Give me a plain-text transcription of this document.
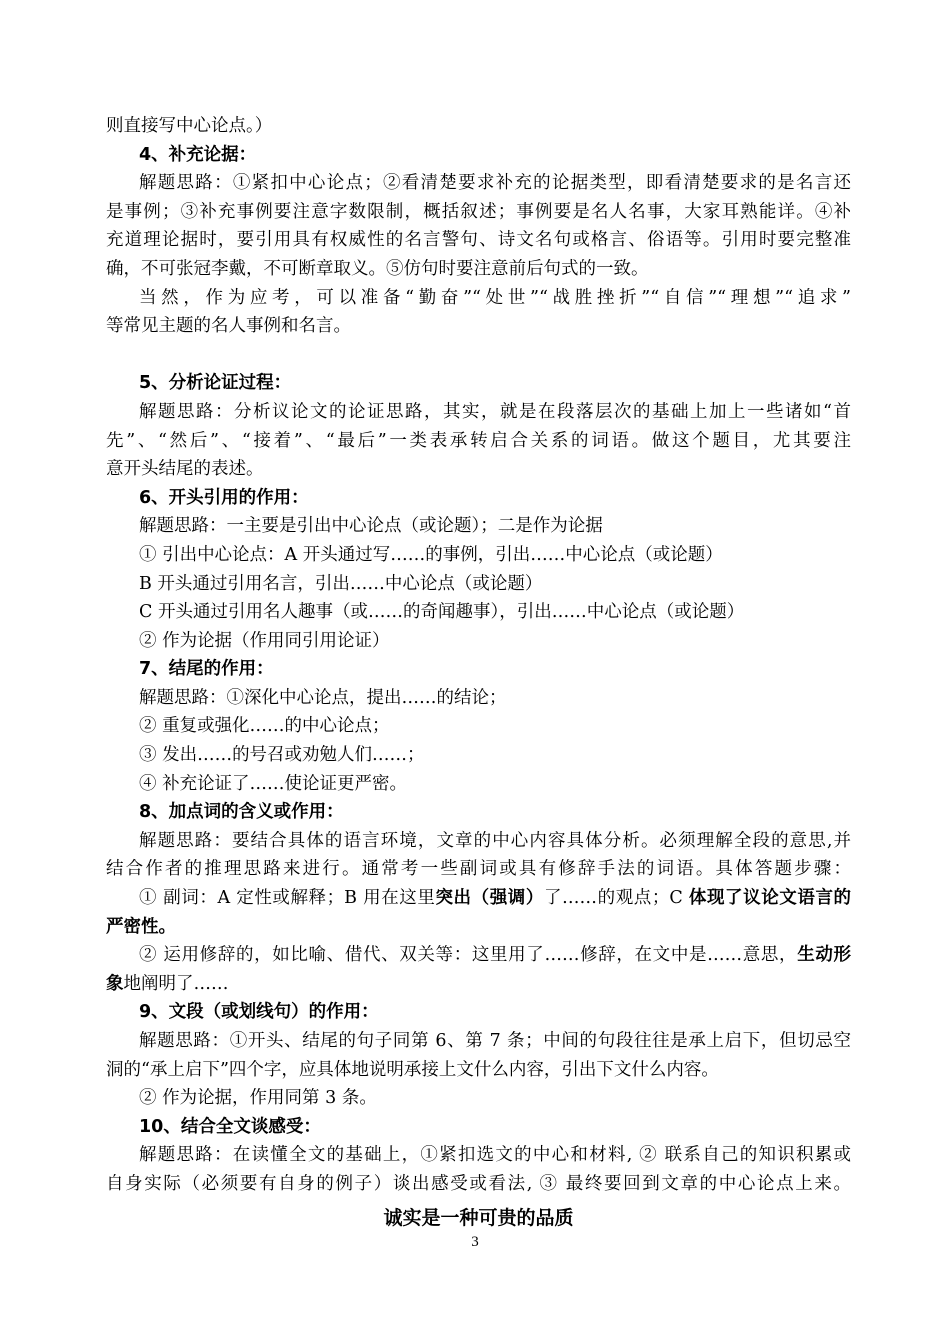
则直接写中心论点。）
4、补充论据：
解题思路：①紧扣中心论点；②看清楚要求补充的论据类型，即看清楚要求的是名言还
是事例；③补充事例要注意字数限制，概括叙述；事例要是名人名事，大家耳熟能详。④补
充道理论据时，要引用具有权威性的名言警句、诗文名句或格言、俗语等。引用时要完整准
确，不可张冠李戴，不可断章取义。⑤仿句时要注意前后句式的一致。
当然，作为应考，可以准备“勤奋”“处世”“战胜挫折”“自信”“理想”“追求”
等常见主题的名人事例和名言。
5、分析论证过程：
解题思路：分析议论文的论证思路，其实，就是在段落层次的基础上加上一些诸如“首
先”、“然后”、“接着”、“最后”一类表承转启合关系的词语。做这个题目，尤其要注
意开头结尾的表述。
6、开头引用的作用：
解题思路：一主要是引出中心论点（或论题）；二是作为论据
① 引出中心论点：A 开头通过写……的事例，引出……中心论点（或论题）
B 开头通过引用名言，引出……中心论点（或论题）
C 开头通过引用名人趣事（或……的奇闻趣事），引出……中心论点（或论题）
② 作为论据（作用同引用论证）
7、结尾的作用：
解题思路：①深化中心论点，提出……的结论；
② 重复或强化……的中心论点；
③ 发出……的号召或劝勉人们……；
④ 补充论证了……使论证更严密。
8、加点词的含义或作用：
解题思路：要结合具体的语言环境，文章的中心内容具体分析。必须理解全段的意思,并
结合作者的推理思路来进行。通常考一些副词或具有修辞手法的词语。具体答题步骤：
① 副词：A 定性或解释；B 用在这里突出（强调）了……的观点；C 体现了议论文语言的
严密性。
② 运用修辞的，如比喻、借代、双关等：这里用了……修辞，在文中是……意思，生动形
象地阐明了……
9、文段（或划线句）的作用：
解题思路：①开头、结尾的句子同第 6、第 7 条；中间的句段往往是承上启下，但切忌空
洞的“承上启下”四个字，应具体地说明承接上文什么内容，引出下文什么内容。
② 作为论据，作用同第 3 条。
10、结合全文谈感受：
解题思路：在读懂全文的基础上，①紧扣选文的中心和材料, ② 联系自己的知识积累或
自身实际（必须要有自身的例子）谈出感受或看法, ③ 最终要回到文章的中心论点上来。
诚实是一种可贵的品质
3
